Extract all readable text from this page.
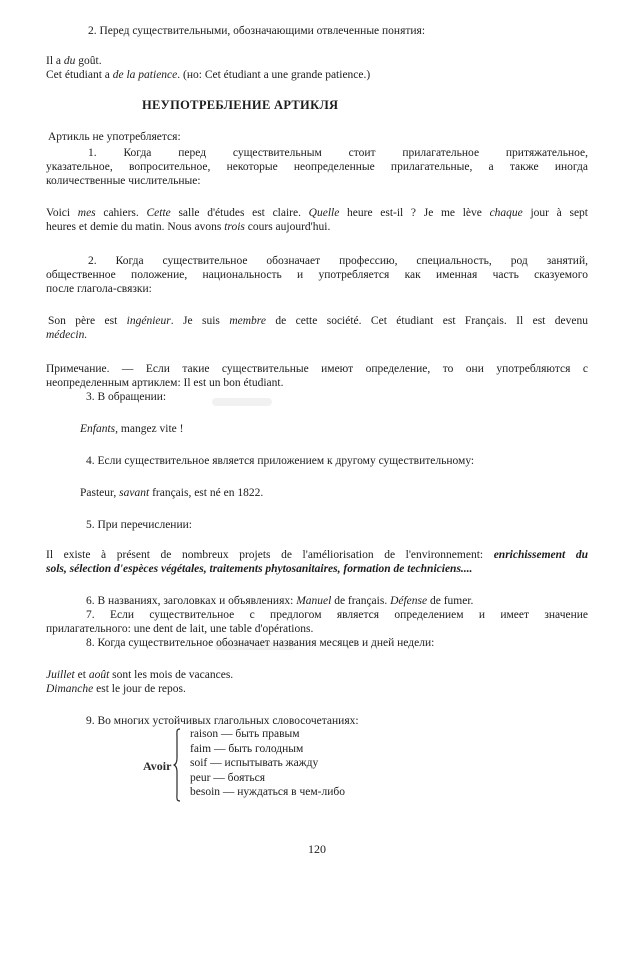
2. Перед существительными, обозначающими отвлеченные понятия:

Il a du goût.

Cet étudiant a de la patience. (но: Cet étudiant a une grande patience.)

НЕУПОТРЕБЛЕНИЕ АРТИКЛЯ

Артикль не употребляется:

1. Когда перед существительным стоит прилагательное притяжательное,

указательное, вопросительное, некоторые неопределенные прилагательные, а также иногда

количественные числительные:

Voici mes cahiers. Cette salle d'études est claire. Quelle heure est-il ? Je me lève chaque jour à sept

heures et demie du matin. Nous avons trois cours aujourd'hui.

2. Когда существительное обозначает профессию, специальность, род занятий,

общественное положение, национальность и употребляется как именная часть сказуемого

после глагола-связки:

Son père est ingénieur. Je suis membre de cette société. Cet étudiant est Français. Il est devenu

médecin.

Примечание. — Если такие существительные имеют определение, то они употребляются с

неопределенным артиклем: Il est un bon étudiant.

3. В обращении:

Enfants, mangez vite !

4. Если существительное является приложением к другому существительному:

Pasteur, savant français, est né en 1822.

5. При перечислении:

Il existe à présent de nombreux projets de l'améliorisation de l'environnement: enrichissement du

sols, sélection d'espèces végétales, traitements phytosanitaires, formation de techniciens....

6. В названиях, заголовках и объявлениях: Manuel de français. Défense de fumer.

7. Если существительное с предлогом является определением и имеет значение

прилагательного: une dent de lait, une table d'opérations.

8. Когда существительное обозначает названия месяцев и дней недели:

Juillet et août sont les mois de vacances.

Dimanche est le jour de repos.

9. Во многих устойчивых глагольных словосочетаниях:

Avoir

raison — быть правым

faim — быть голодным

soif — испытывать жажду

peur — бояться

besoin — нуждаться в чем-либо

120
